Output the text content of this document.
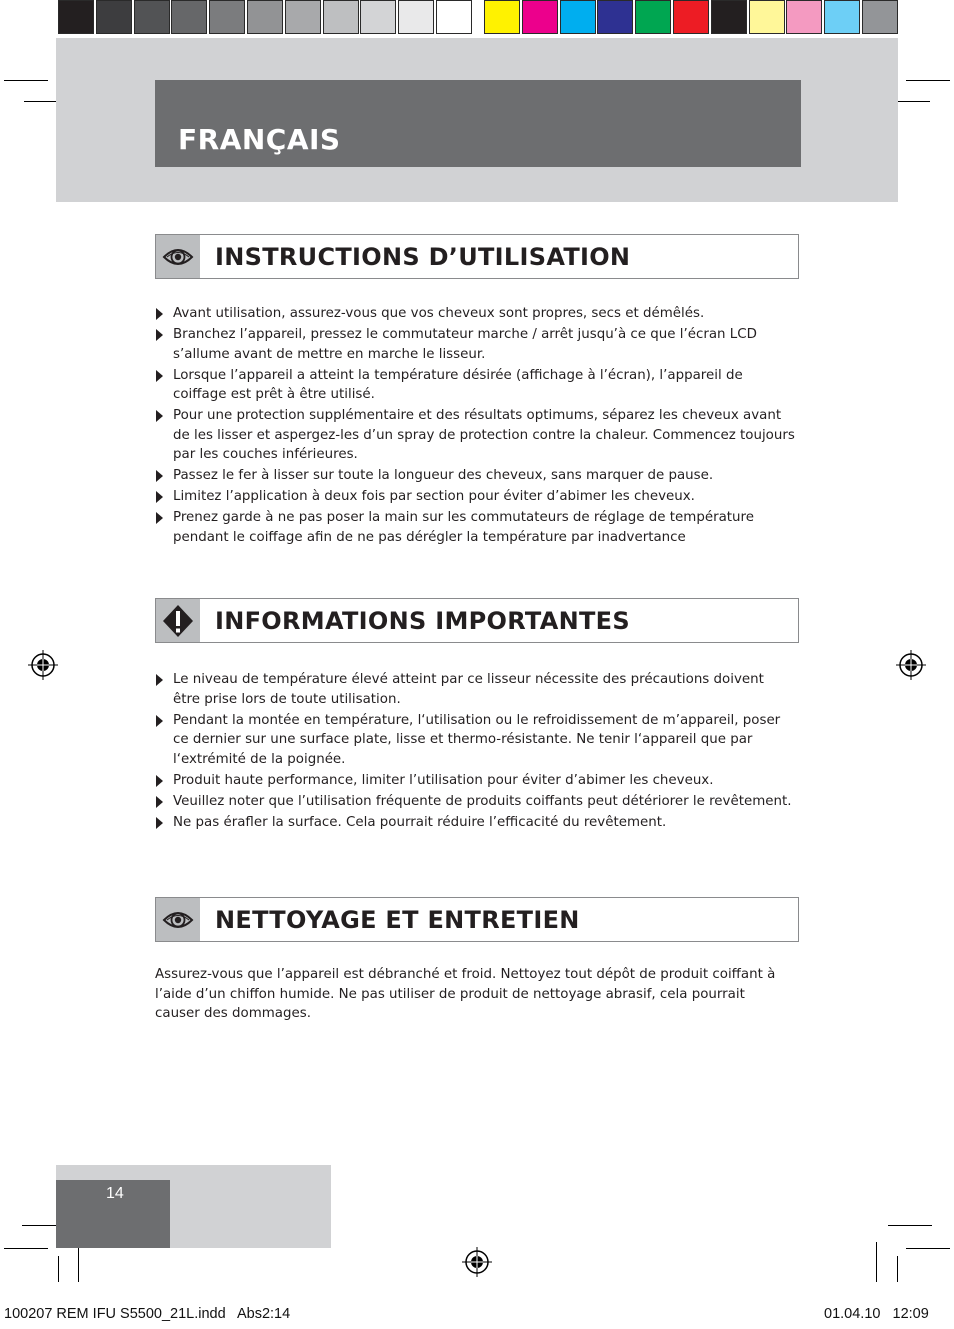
FRANÇAIS
INSTRUCTIONS D’UTILISATION
Avant utilisation, assurez-vous que vos cheveux sont propres, secs et démêlés.
Branchez l’appareil, pressez le commutateur marche / arrêt jusqu’à ce que l’écran LCD s’allume avant de mettre en marche le lisseur.
Lorsque l’appareil a atteint la température désirée (affichage à l’écran), l’appareil de coiffage est prêt à être utilisé.
Pour une protection supplémentaire et des résultats optimums, séparez les cheveux avant de les lisser et aspergez-les d’un spray de protection contre la chaleur. Commencez toujours par les couches inférieures.
Passez le fer à lisser sur toute la longueur des cheveux, sans marquer de pause.
Limitez l’application à deux fois par section pour éviter d’abimer les cheveux.
Prenez garde à ne pas poser la main sur les commutateurs de réglage de température pendant le coiffage afin de ne pas dérégler la température par inadvertance
INFORMATIONS IMPORTANTES
Le niveau de température élevé atteint par ce lisseur nécessite des précautions doivent être prise lors de toute utilisation.
Pendant la montée en température, l‘utilisation ou le refroidissement de m’appareil, poser ce dernier sur une surface plate, lisse et thermo-résistante. Ne tenir l‘appareil que par l‘extrémité de la poignée.
Produit haute performance, limiter l’utilisation pour éviter d’abimer les cheveux.
Veuillez noter que l’utilisation fréquente de produits coiffants peut détériorer le revêtement.
Ne pas érafler la surface. Cela pourrait réduire l’efficacité du revêtement.
NETTOYAGE ET ENTRETIEN

Assurez-vous que l’appareil est débranché et froid. Nettoyez tout dépôt de produit coiffant à l’aide d’un chiffon humide. Ne pas utiliser de produit de nettoyage abrasif, cela pourrait causer des dommages.

14
100207 REM IFU S5500_21L.indd   Abs2:14	01.04.10   12:09
